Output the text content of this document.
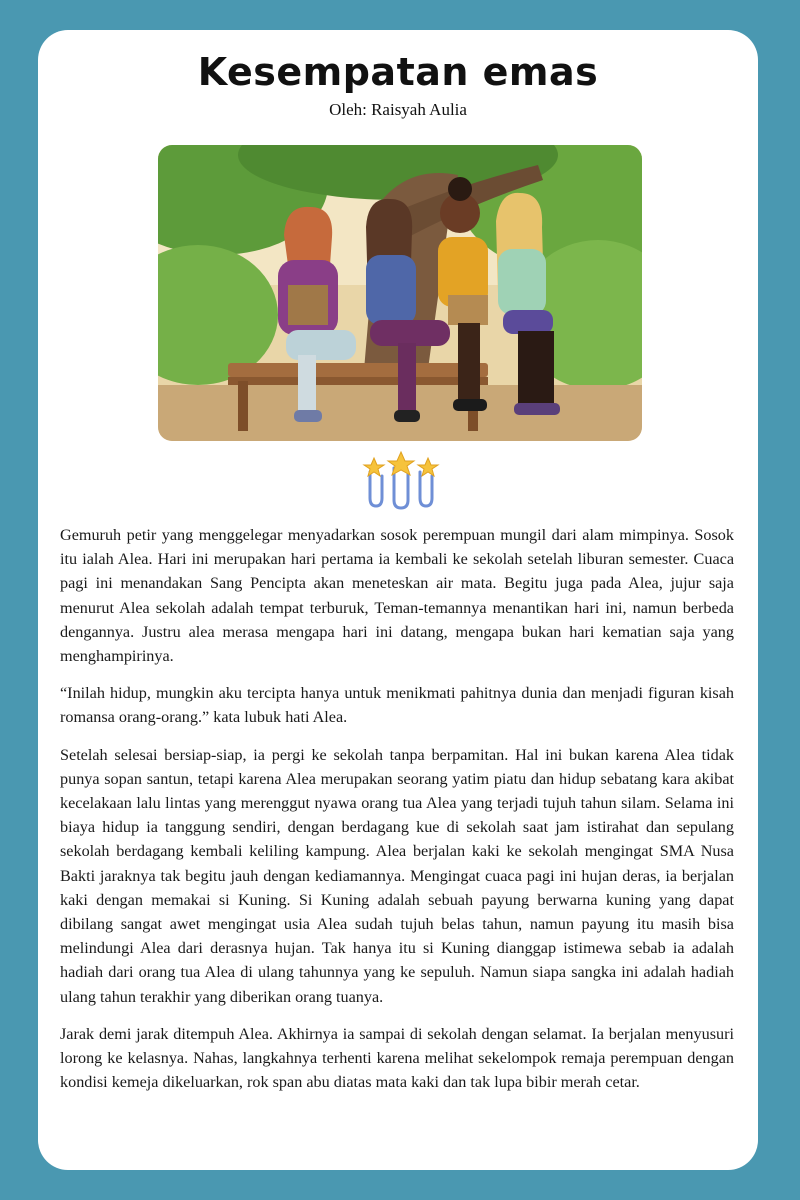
Kesempatan emas
Oleh: Raisyah Aulia

Gemuruh petir yang menggelegar menyadarkan sosok perempuan mungil dari alam mimpinya. Sosok itu ialah Alea. Hari ini merupakan hari pertama ia kembali ke sekolah setelah liburan semester. Cuaca pagi ini menandakan Sang Pencipta akan meneteskan air mata. Begitu juga pada Alea, jujur saja menurut Alea sekolah adalah tempat terburuk, Teman-temannya menantikan hari ini, namun berbeda dengannya. Justru alea merasa mengapa hari ini datang, mengapa bukan hari kematian saja yang menghampirinya.

“Inilah hidup, mungkin aku tercipta hanya untuk menikmati pahitnya dunia dan menjadi figuran kisah romansa orang-orang.” kata lubuk hati Alea.

Setelah selesai bersiap-siap, ia pergi ke sekolah tanpa berpamitan. Hal ini bukan karena Alea tidak punya sopan santun, tetapi karena Alea merupakan seorang yatim piatu dan hidup sebatang kara akibat kecelakaan lalu lintas yang merenggut nyawa orang tua Alea yang terjadi tujuh tahun silam. Selama ini biaya hidup ia tanggung sendiri, dengan berdagang kue di sekolah saat jam istirahat dan sepulang sekolah berdagang kembali keliling kampung. Alea berjalan kaki ke sekolah mengingat SMA Nusa Bakti jaraknya tak begitu jauh dengan kediamannya. Mengingat cuaca pagi ini hujan deras, ia berjalan kaki dengan memakai si Kuning. Si Kuning adalah sebuah payung berwarna kuning yang dapat dibilang sangat awet mengingat usia Alea sudah tujuh belas tahun, namun payung itu masih bisa melindungi Alea dari derasnya hujan. Tak hanya itu si Kuning dianggap istimewa sebab ia adalah hadiah dari orang tua Alea di ulang tahunnya yang ke sepuluh. Namun siapa sangka ini adalah hadiah ulang tahun terakhir yang diberikan orang tuanya.

Jarak demi jarak ditempuh Alea. Akhirnya ia sampai di sekolah dengan selamat. Ia berjalan menyusuri lorong ke kelasnya. Nahas, langkahnya terhenti karena melihat sekelompok remaja perempuan dengan kondisi kemeja dikeluarkan, rok span abu diatas mata kaki dan tak lupa bibir merah cetar.
